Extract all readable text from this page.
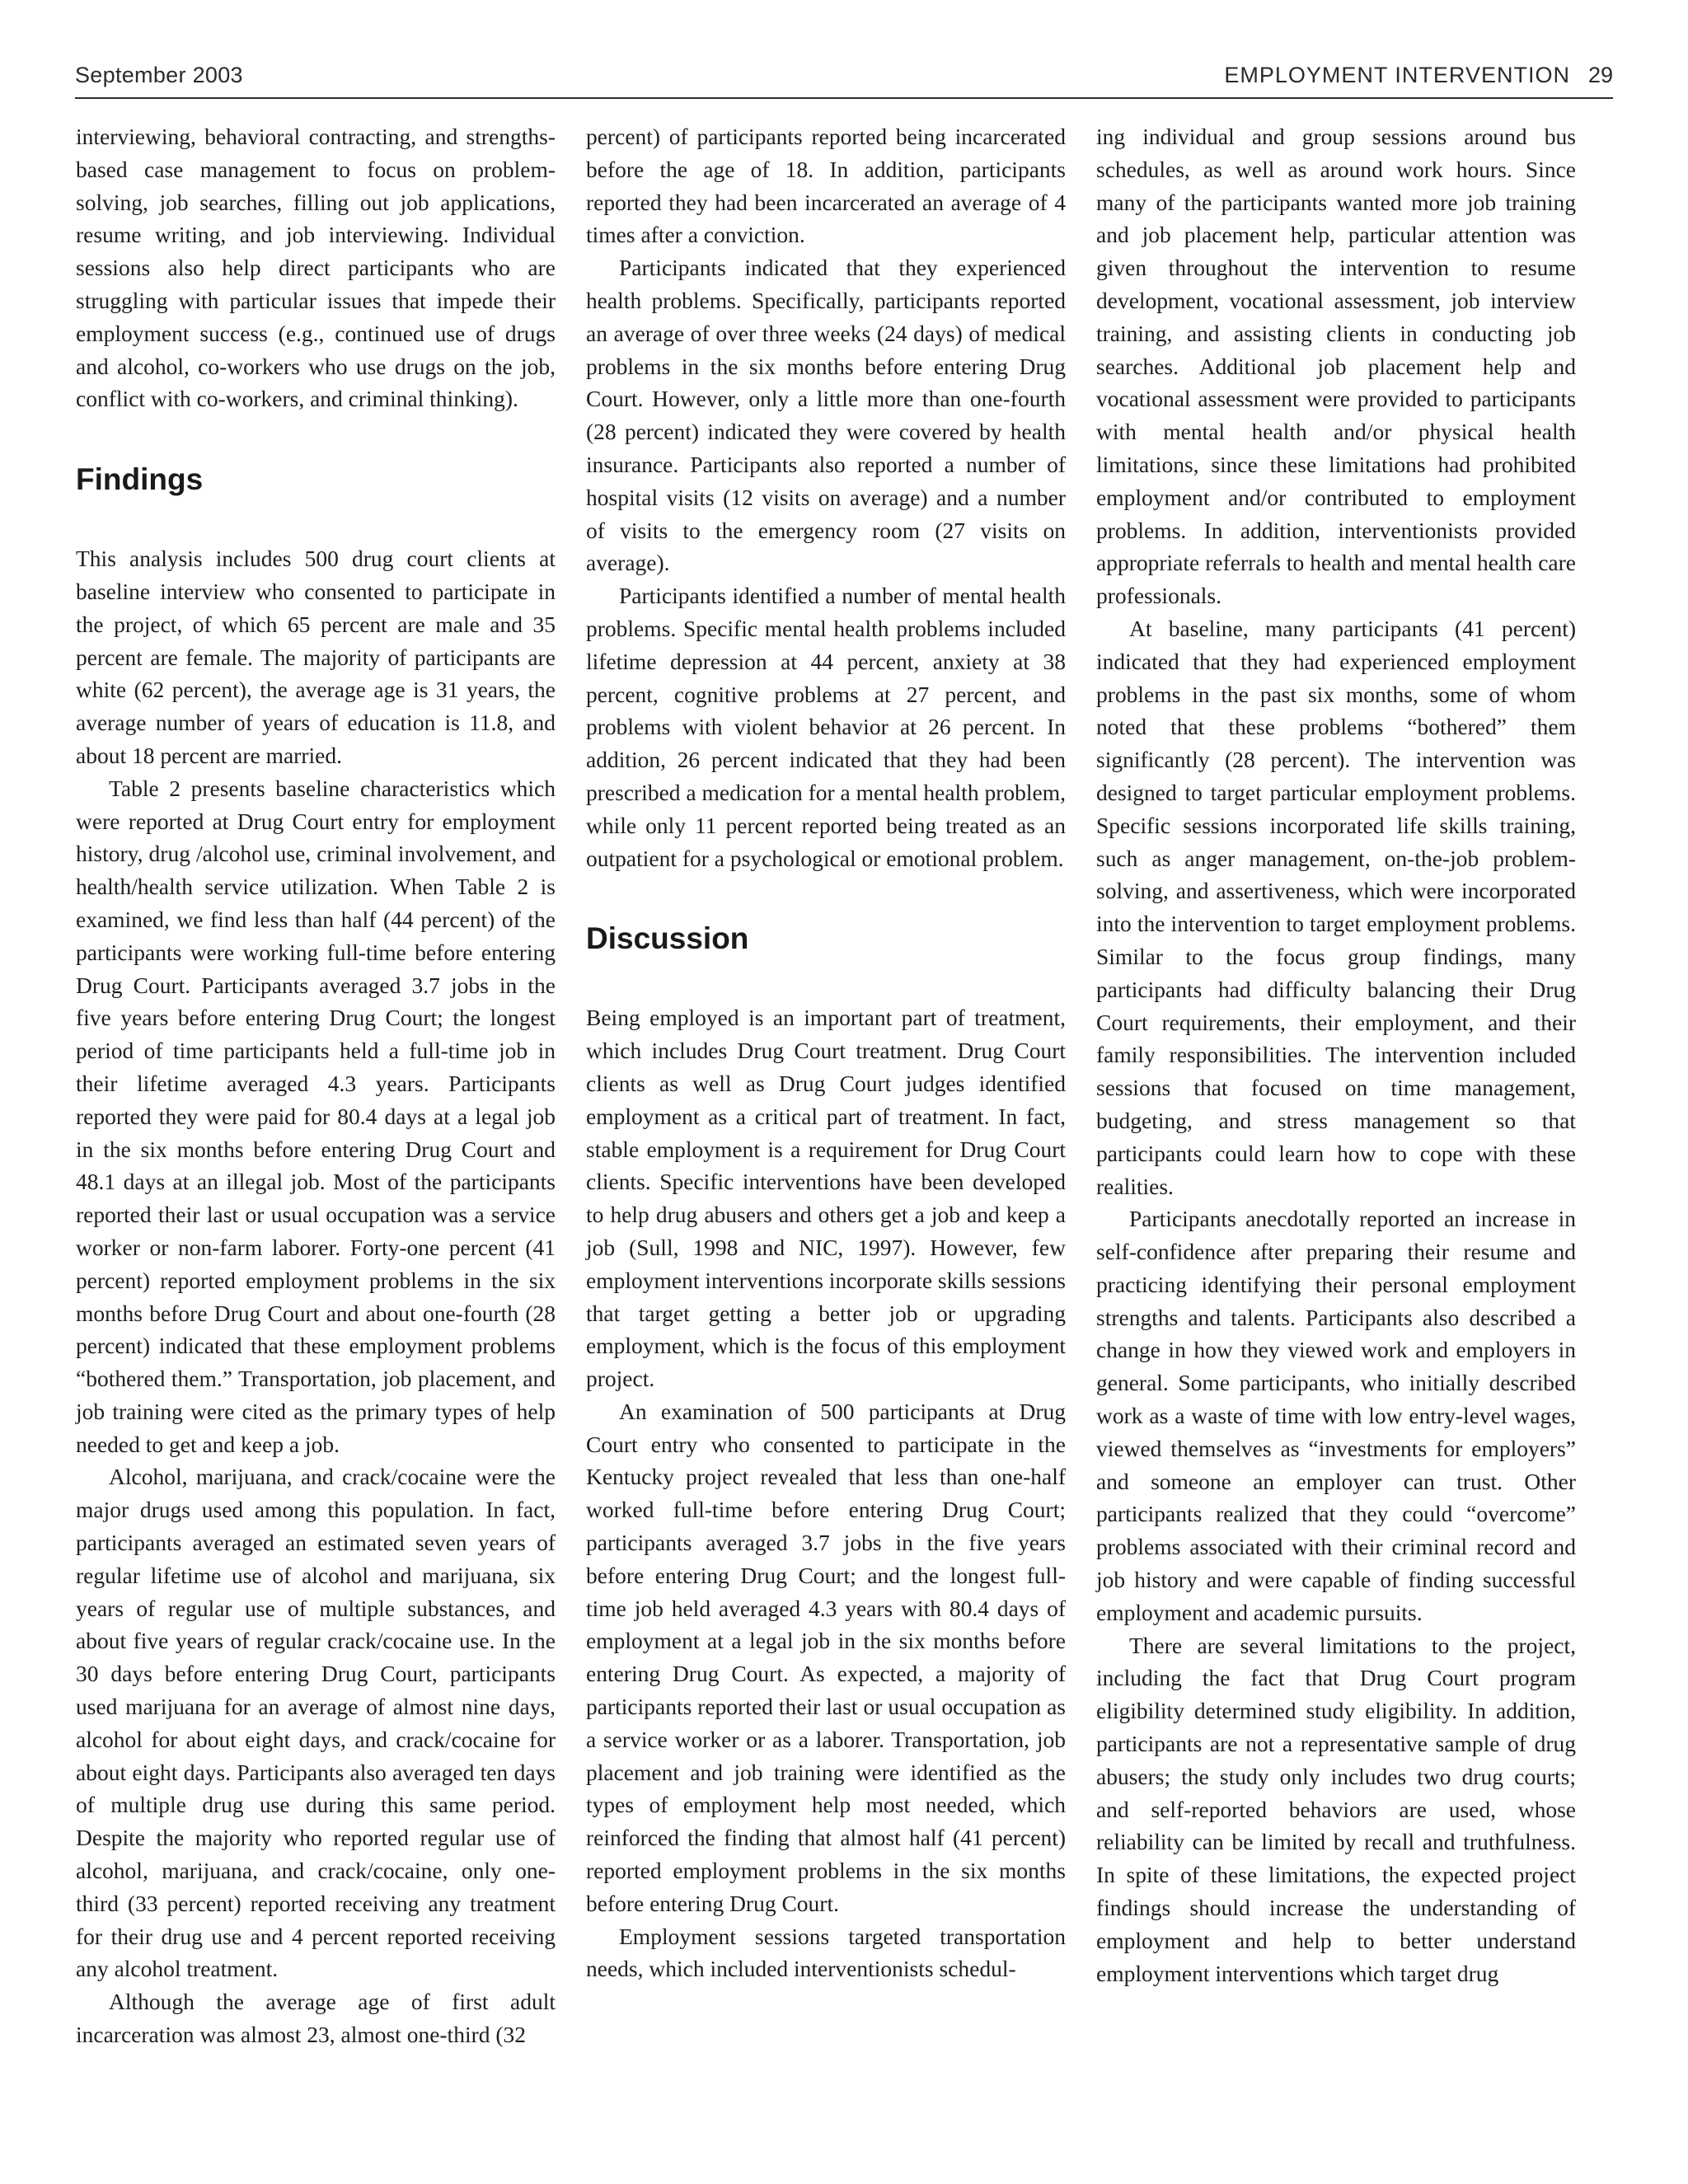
September 2003	EMPLOYMENT INTERVENTION 29

interviewing, behavioral contracting, and strengths-based case management to focus on problem-solving, job searches, filling out job applications, resume writing, and job interviewing. Individual sessions also help direct participants who are struggling with particular issues that impede their employment success (e.g., continued use of drugs and alcohol, co-workers who use drugs on the job, conflict with co-workers, and criminal thinking).

Findings

This analysis includes 500 drug court clients at baseline interview who consented to participate in the project, of which 65 percent are male and 35 percent are female. The majority of participants are white (62 percent), the average age is 31 years, the average number of years of education is 11.8, and about 18 percent are married.

Table 2 presents baseline characteristics which were reported at Drug Court entry for employment history, drug /alcohol use, criminal involvement, and health/health service utilization. When Table 2 is examined, we find less than half (44 percent) of the participants were working full-time before entering Drug Court. Participants averaged 3.7 jobs in the five years before entering Drug Court; the longest period of time participants held a full-time job in their lifetime averaged 4.3 years. Participants reported they were paid for 80.4 days at a legal job in the six months before entering Drug Court and 48.1 days at an illegal job. Most of the participants reported their last or usual occupation was a service worker or non-farm laborer. Forty-one percent (41 percent) reported employment problems in the six months before Drug Court and about one-fourth (28 percent) indicated that these employment problems “bothered them.” Transportation, job placement, and job training were cited as the primary types of help needed to get and keep a job.

Alcohol, marijuana, and crack/cocaine were the major drugs used among this population. In fact, participants averaged an estimated seven years of regular lifetime use of alcohol and marijuana, six years of regular use of multiple substances, and about five years of regular crack/cocaine use. In the 30 days before entering Drug Court, participants used marijuana for an average of almost nine days, alcohol for about eight days, and crack/cocaine for about eight days. Participants also averaged ten days of multiple drug use during this same period. Despite the majority who reported regular use of alcohol, marijuana, and crack/cocaine, only one-third (33 percent) reported receiving any treatment for their drug use and 4 percent reported receiving any alcohol treatment.

Although the average age of first adult incarceration was almost 23, almost one-third (32

percent) of participants reported being incarcerated before the age of 18. In addition, participants reported they had been incarcerated an average of 4 times after a conviction.

Participants indicated that they experienced health problems. Specifically, participants reported an average of over three weeks (24 days) of medical problems in the six months before entering Drug Court. However, only a little more than one-fourth (28 percent) indicated they were covered by health insurance. Participants also reported a number of hospital visits (12 visits on average) and a number of visits to the emergency room (27 visits on average).

Participants identified a number of mental health problems. Specific mental health problems included lifetime depression at 44 percent, anxiety at 38 percent, cognitive problems at 27 percent, and problems with violent behavior at 26 percent. In addition, 26 percent indicated that they had been prescribed a medication for a mental health problem, while only 11 percent reported being treated as an outpatient for a psychological or emotional problem.

Discussion

Being employed is an important part of treatment, which includes Drug Court treatment. Drug Court clients as well as Drug Court judges identified employment as a critical part of treatment. In fact, stable employment is a requirement for Drug Court clients. Specific interventions have been developed to help drug abusers and others get a job and keep a job (Sull, 1998 and NIC, 1997). However, few employment interventions incorporate skills sessions that target getting a better job or upgrading employment, which is the focus of this employment project.

An examination of 500 participants at Drug Court entry who consented to participate in the Kentucky project revealed that less than one-half worked full-time before entering Drug Court; participants averaged 3.7 jobs in the five years before entering Drug Court; and the longest full-time job held averaged 4.3 years with 80.4 days of employment at a legal job in the six months before entering Drug Court. As expected, a majority of participants reported their last or usual occupation as a service worker or as a laborer. Transportation, job placement and job training were identified as the types of employment help most needed, which reinforced the finding that almost half (41 percent) reported employment problems in the six months before entering Drug Court.

Employment sessions targeted transportation needs, which included interventionists schedul-

ing individual and group sessions around bus schedules, as well as around work hours. Since many of the participants wanted more job training and job placement help, particular attention was given throughout the intervention to resume development, vocational assessment, job interview training, and assisting clients in conducting job searches. Additional job placement help and vocational assessment were provided to participants with mental health and/or physical health limitations, since these limitations had prohibited employment and/or contributed to employment problems. In addition, interventionists provided appropriate referrals to health and mental health care professionals.

At baseline, many participants (41 percent) indicated that they had experienced employment problems in the past six months, some of whom noted that these problems “bothered” them significantly (28 percent). The intervention was designed to target particular employment problems. Specific sessions incorporated life skills training, such as anger management, on-the-job problem-solving, and assertiveness, which were incorporated into the intervention to target employment problems. Similar to the focus group findings, many participants had difficulty balancing their Drug Court requirements, their employment, and their family responsibilities. The intervention included sessions that focused on time management, budgeting, and stress management so that participants could learn how to cope with these realities.

Participants anecdotally reported an increase in self-confidence after preparing their resume and practicing identifying their personal employment strengths and talents. Participants also described a change in how they viewed work and employers in general. Some participants, who initially described work as a waste of time with low entry-level wages, viewed themselves as “investments for employers” and someone an employer can trust. Other participants realized that they could “overcome” problems associated with their criminal record and job history and were capable of finding successful employment and academic pursuits.

There are several limitations to the project, including the fact that Drug Court program eligibility determined study eligibility. In addition, participants are not a representative sample of drug abusers; the study only includes two drug courts; and self-reported behaviors are used, whose reliability can be limited by recall and truthfulness. In spite of these limitations, the expected project findings should increase the understanding of employment and help to better understand employment interventions which target drug
